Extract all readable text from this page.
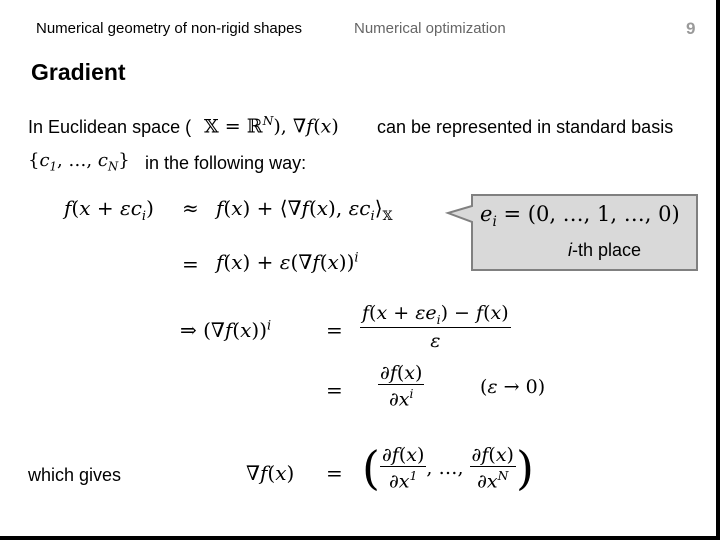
Numerical geometry of non-rigid shapes	Numerical optimization	9
Gradient
In Euclidean space ( 𝕏 = ℝ$^N$), ∇f(x) can be represented in standard basis
{$c_1$, …, $c_N$} in the following way:
$e_i = (0$, …, 1, …, 0)
i-th place
$f(x + \varepsilon c_i) \approx f(x)$ + ⟨∇f(x), $\varepsilon c_i⟩_𝕏$
= $f(x) + \varepsilon(\nabla f(x))^i$
⇒ $(\nabla f(x))^i$	= $\frac{f(x + \varepsilon e_i) - f(x)}{\varepsilon}$
= $\frac{\partial f(x)}{\partial x^i}$	(ε → 0)
which gives	∇f(x) = ( $\frac{\partial f(x)}{\partial x^1}$ , …, $\frac{\partial f(x)}{\partial x^N}$ )
